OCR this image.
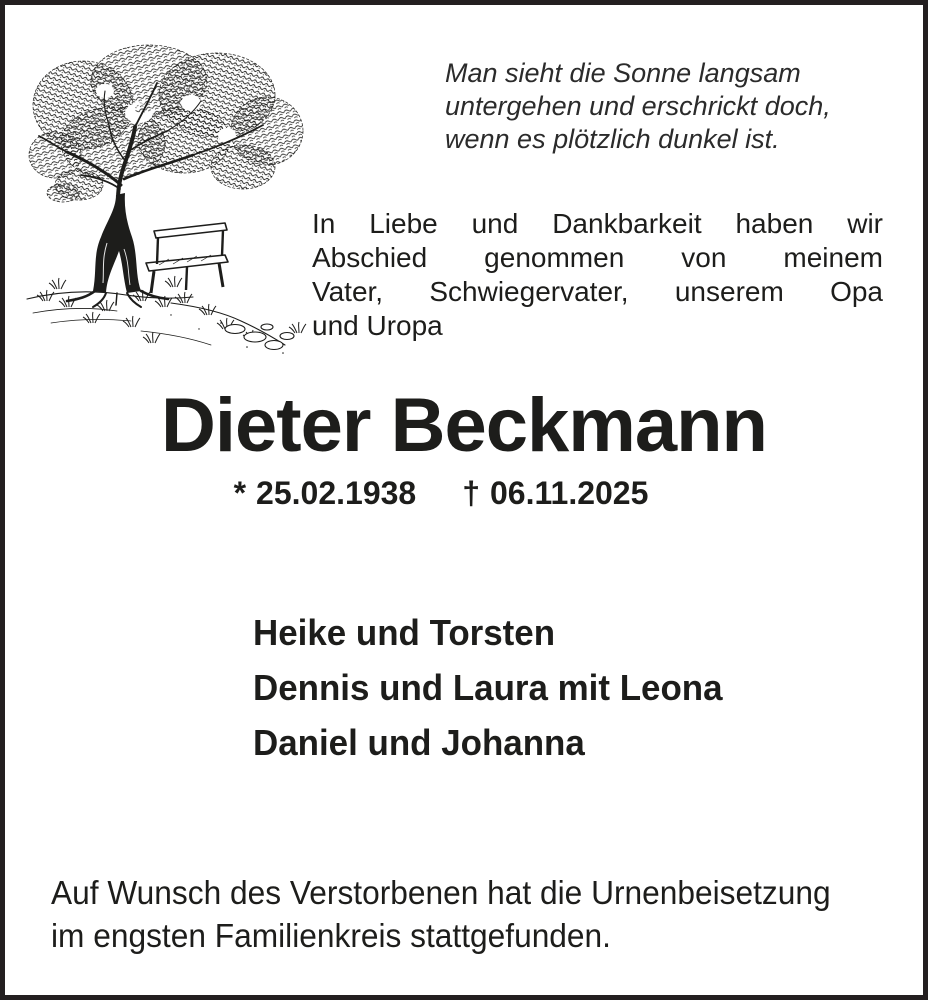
Man sieht die Sonne langsam
untergehen und erschrickt doch,
wenn es plötzlich dunkel ist.
In Liebe und Dankbarkeit haben wir
Abschied genommen von meinem
Vater, Schwiegervater, unserem Opa
und Uropa
Dieter Beckmann
* 25.02.1938 † 06.11.2025
Heike und Torsten
Dennis und Laura mit Leona
Daniel und Johanna
Auf Wunsch des Verstorbenen hat die Urnenbeisetzung
im engsten Familienkreis stattgefunden.
